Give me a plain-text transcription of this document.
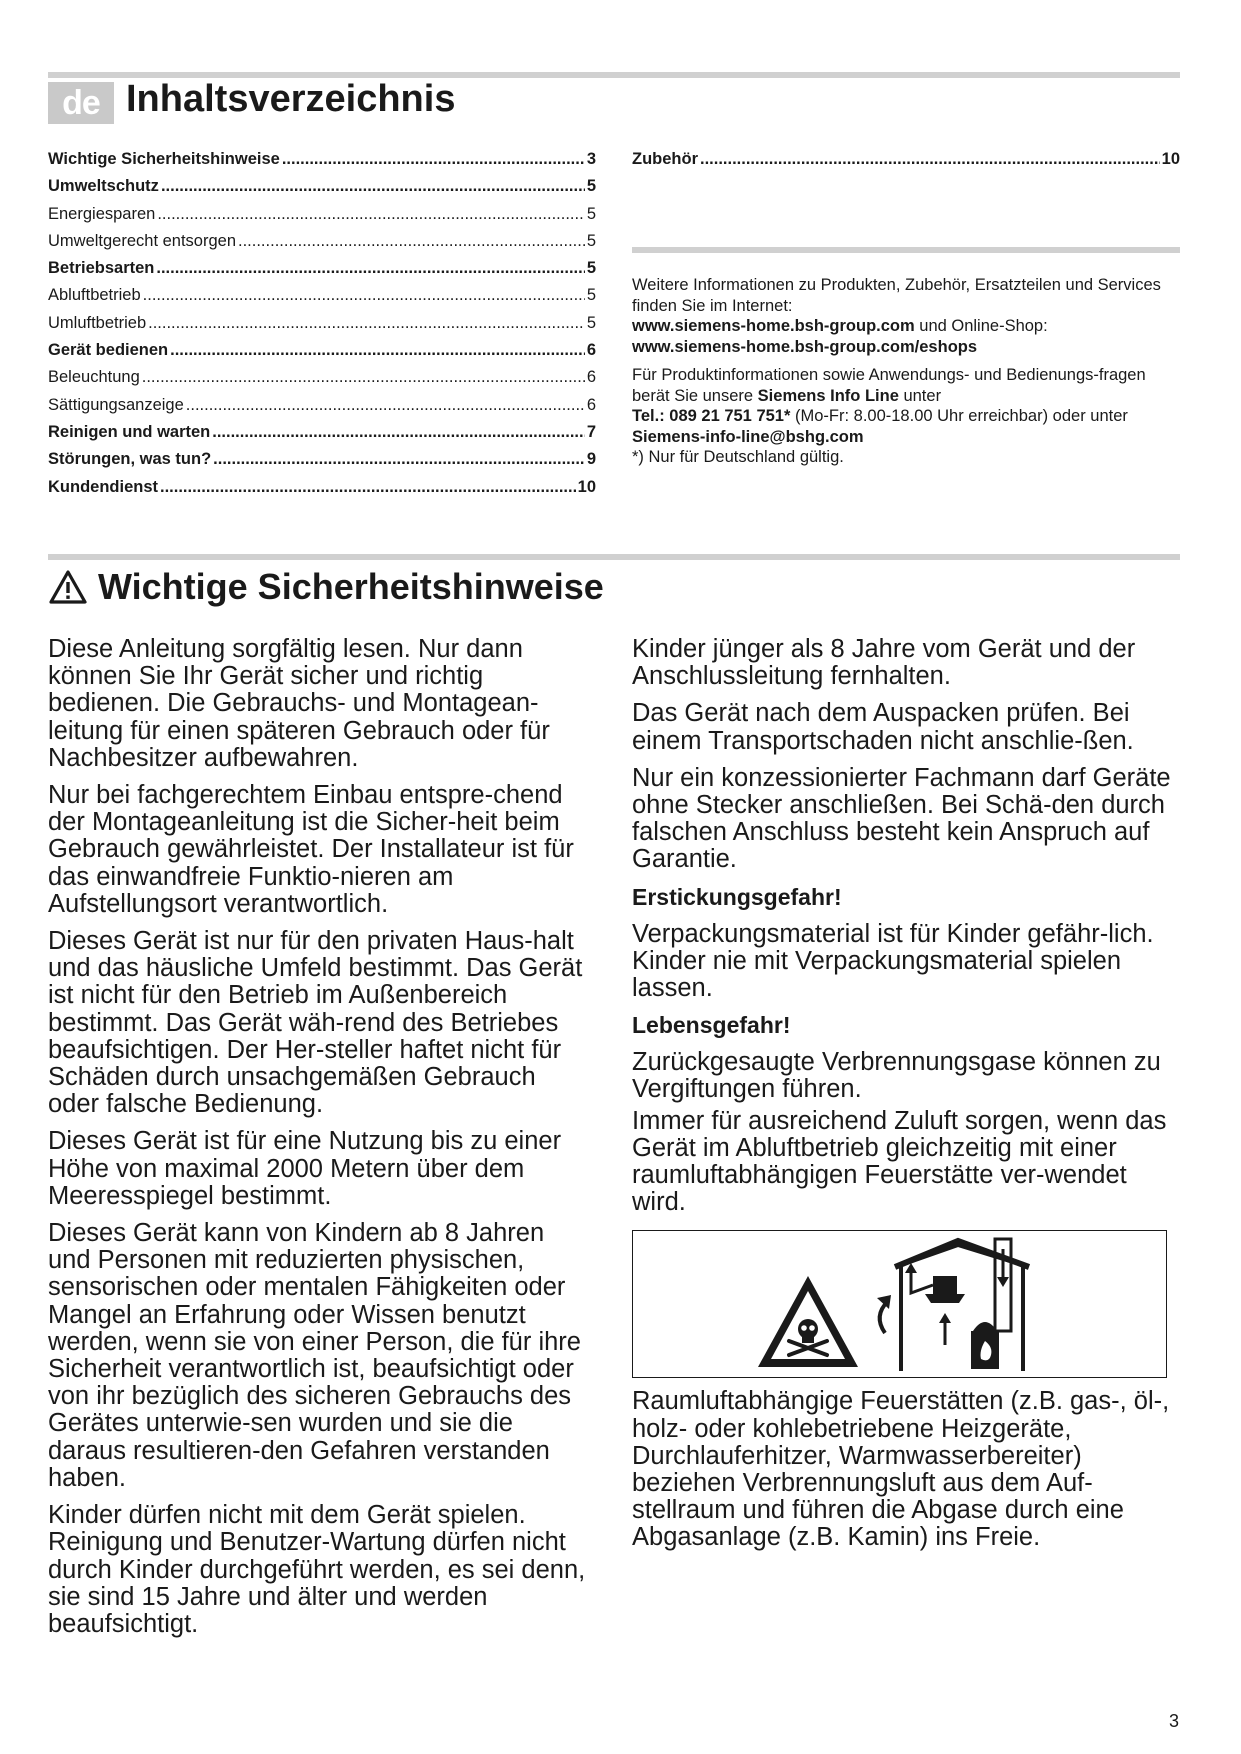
de Inhaltsverzeichnis
Wichtige Sicherheitshinweise .....	3
Umweltschutz .....	5
Energiesparen .....	5
Umweltgerecht entsorgen .....	5
Betriebsarten .....	5
Abluftbetrieb .....	5
Umluftbetrieb .....	5
Gerät bedienen .....	6
Beleuchtung .....	6
Sättigungsanzeige .....	6
Reinigen und warten .....	7
Störungen, was tun? .....	9
Kundendienst .....	10
Zubehör .....	10

Weitere Informationen zu Produkten, Zubehör, Ersatzteilen und Services finden Sie im Internet:
www.siemens-home.bsh-group.com und Online-Shop:
www.siemens-home.bsh-group.com/eshops

Für Produktinformationen sowie Anwendungs- und Bedienungs-fragen berät Sie unsere Siemens Info Line unter
Tel.: 089 21 751 751* (Mo-Fr: 8.00-18.00 Uhr erreichbar) oder unter
Siemens-info-line@bshg.com
*) Nur für Deutschland gültig.

Wichtige Sicherheitshinweise

Diese Anleitung sorgfältig lesen. Nur dann können Sie Ihr Gerät sicher und richtig bedienen. Die Gebrauchs- und Montagean-leitung für einen späteren Gebrauch oder für Nachbesitzer aufbewahren.

Nur bei fachgerechtem Einbau entspre-chend der Montageanleitung ist die Sicher-heit beim Gebrauch gewährleistet. Der Installateur ist für das einwandfreie Funktio-nieren am Aufstellungsort verantwortlich.

Dieses Gerät ist nur für den privaten Haus-halt und das häusliche Umfeld bestimmt. Das Gerät ist nicht für den Betrieb im Außenbereich bestimmt. Das Gerät wäh-rend des Betriebes beaufsichtigen. Der Her-steller haftet nicht für Schäden durch unsachgemäßen Gebrauch oder falsche Bedienung.

Dieses Gerät ist für eine Nutzung bis zu einer Höhe von maximal 2000 Metern über dem Meeresspiegel bestimmt.

Dieses Gerät kann von Kindern ab 8 Jahren und Personen mit reduzierten physischen, sensorischen oder mentalen Fähigkeiten oder Mangel an Erfahrung oder Wissen benutzt werden, wenn sie von einer Person, die für ihre Sicherheit verantwortlich ist, beaufsichtigt oder von ihr bezüglich des sicheren Gebrauchs des Gerätes unterwie-sen wurden und sie die daraus resultieren-den Gefahren verstanden haben.

Kinder dürfen nicht mit dem Gerät spielen. Reinigung und Benutzer-Wartung dürfen nicht durch Kinder durchgeführt werden, es sei denn, sie sind 15 Jahre und älter und werden beaufsichtigt.

Kinder jünger als 8 Jahre vom Gerät und der Anschlussleitung fernhalten.

Das Gerät nach dem Auspacken prüfen. Bei einem Transportschaden nicht anschlie-ßen.

Nur ein konzessionierter Fachmann darf Geräte ohne Stecker anschließen. Bei Schä-den durch falschen Anschluss besteht kein Anspruch auf Garantie.

Erstickungsgefahr!

Verpackungsmaterial ist für Kinder gefähr-lich. Kinder nie mit Verpackungsmaterial spielen lassen.

Lebensgefahr!

Zurückgesaugte Verbrennungsgase können zu Vergiftungen führen.

Immer für ausreichend Zuluft sorgen, wenn das Gerät im Abluftbetrieb gleichzeitig mit einer raumluftabhängigen Feuerstätte ver-wendet wird.

Raumluftabhängige Feuerstätten (z.B. gas-, öl-, holz- oder kohlebetriebene Heizgeräte, Durchlauferhitzer, Warmwasserbereiter) beziehen Verbrennungsluft aus dem Auf-stellraum und führen die Abgase durch eine Abgasanlage (z.B. Kamin) ins Freie.

3
